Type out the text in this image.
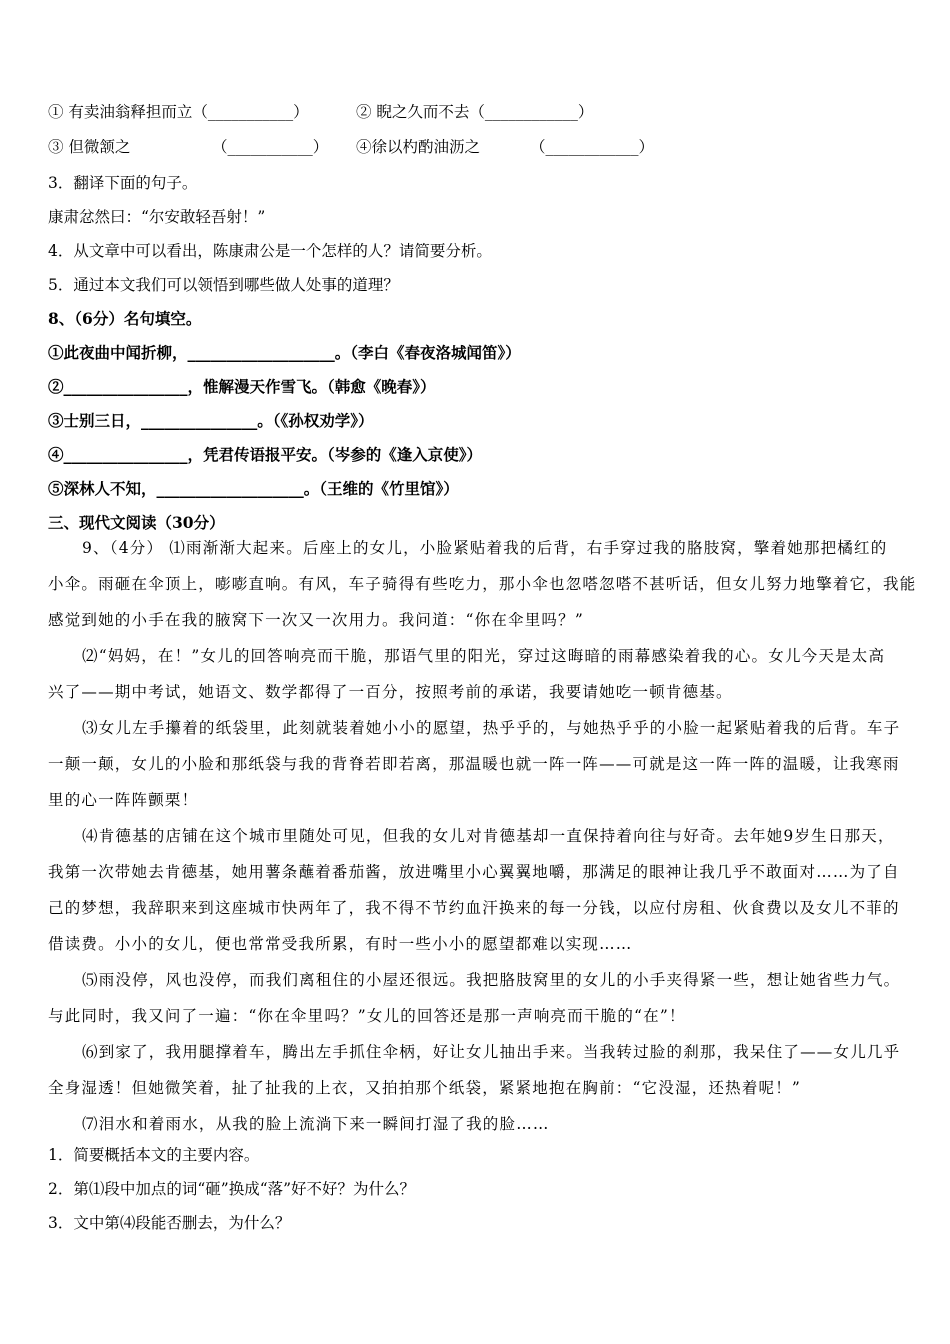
① 有卖油翁释担而立（___________）	② 睨之久而不去（____________）
③ 但微颔之	（___________） ④徐以杓酌油沥之	（____________）
3．翻译下面的句子。
康肃忿然曰：“尔安敢轻吾射！”
4．从文章中可以看出，陈康肃公是一个怎样的人？请简要分析。
5．通过本文我们可以领悟到哪些做人处事的道理？
8、（6分）名句填空。
①此夜曲中闻折柳，___________________。（李白《春夜洛城闻笛》）
②________________，惟解漫天作雪飞。（韩愈《晚春》）
③士别三日，_______________。（《孙权劝学》）
④________________，凭君传语报平安。（岑参的《逢入京使》）
⑤深林人不知，___________________。（王维的《竹里馆》）
三、现代文阅读（30分）
9、（4分） ⑴雨渐渐大起来。后座上的女儿，小脸紧贴着我的后背，右手穿过我的胳肢窝，擎着她那把橘红的
小伞。雨砸在伞顶上，嘭嘭直响。有风，车子骑得有些吃力，那小伞也忽嗒忽嗒不甚听话，但女儿努力地擎着它，我能
感觉到她的小手在我的腋窝下一次又一次用力。我问道：“你在伞里吗？”
⑵“妈妈，在！”女儿的回答响亮而干脆，那语气里的阳光，穿过这晦暗的雨幕感染着我的心。女儿今天是太高
兴了——期中考试，她语文、数学都得了一百分，按照考前的承诺，我要请她吃一顿肯德基。
⑶女儿左手攥着的纸袋里，此刻就装着她小小的愿望，热乎乎的，与她热乎乎的小脸一起紧贴着我的后背。车子
一颠一颠，女儿的小脸和那纸袋与我的背脊若即若离，那温暖也就一阵一阵——可就是这一阵一阵的温暖，让我寒雨
里的心一阵阵颤栗！
⑷肯德基的店铺在这个城市里随处可见，但我的女儿对肯德基却一直保持着向往与好奇。去年她9岁生日那天，
我第一次带她去肯德基，她用薯条蘸着番茄酱，放进嘴里小心翼翼地嚼，那满足的眼神让我几乎不敢面对……为了自
己的梦想，我辞职来到这座城市快两年了，我不得不节约血汗换来的每一分钱，以应付房租、伙食费以及女儿不菲的
借读费。小小的女儿，便也常常受我所累，有时一些小小的愿望都难以实现……
⑸雨没停，风也没停，而我们离租住的小屋还很远。我把胳肢窝里的女儿的小手夹得紧一些，想让她省些力气。
与此同时，我又问了一遍：“你在伞里吗？”女儿的回答还是那一声响亮而干脆的“在”！
⑹到家了，我用腿撑着车，腾出左手抓住伞柄，好让女儿抽出手来。当我转过脸的刹那，我呆住了——女儿几乎
全身湿透！但她微笑着，扯了扯我的上衣，又拍拍那个纸袋，紧紧地抱在胸前：“它没湿，还热着呢！”
⑺泪水和着雨水，从我的脸上流淌下来一瞬间打湿了我的脸……
1．简要概括本文的主要内容。
2．第⑴段中加点的词“砸”换成“落”好不好？为什么？
3．文中第⑷段能否删去，为什么？
